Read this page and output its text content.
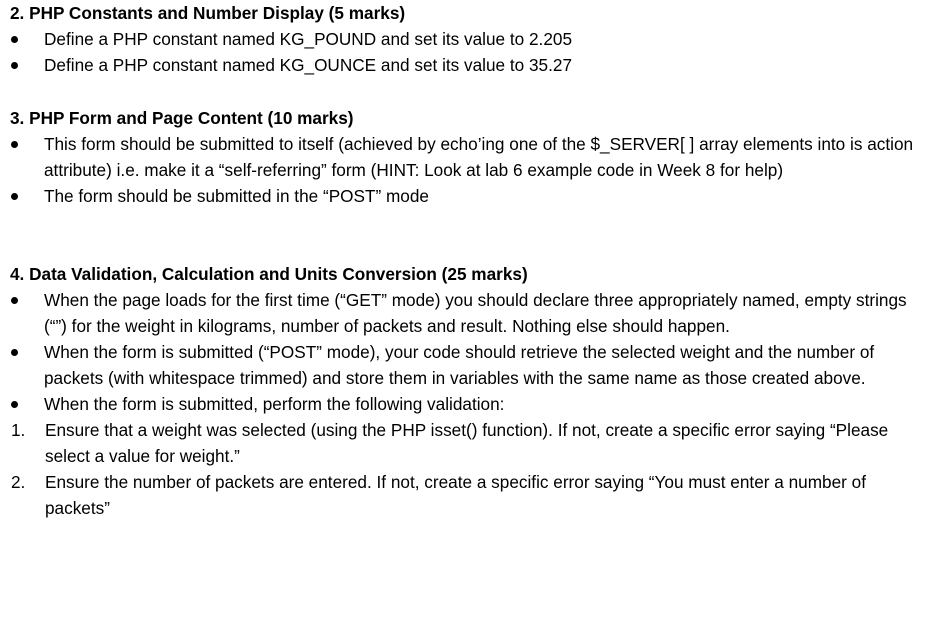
2. PHP Constants and Number Display (5 marks)

Define a PHP constant named KG_POUND and set its value to 2.205
Define a PHP constant named KG_OUNCE and set its value to 35.27

3. PHP Form and Page Content (10 marks)

This form should be submitted to itself (achieved by echo’ing one of the $_SERVER[ ] array elements into is action attribute) i.e. make it a “self-referring” form (HINT: Look at lab 6 example code in Week 8 for help)
The form should be submitted in the “POST” mode

4. Data Validation, Calculation and Units Conversion (25 marks)

When the page loads for the first time (“GET” mode) you should declare three appropriately named, empty strings (“”) for the weight in kilograms, number of packets and result. Nothing else should happen.
When the form is submitted (“POST” mode), your code should retrieve the selected weight and the number of packets (with whitespace trimmed) and store them in variables with the same name as those created above.
When the form is submitted, perform the following validation:
1. Ensure that a weight was selected (using the PHP isset() function). If not, create a specific error saying “Please select a value for weight.”
2. Ensure the number of packets are entered. If not, create a specific error saying “You must enter a number of packets”
